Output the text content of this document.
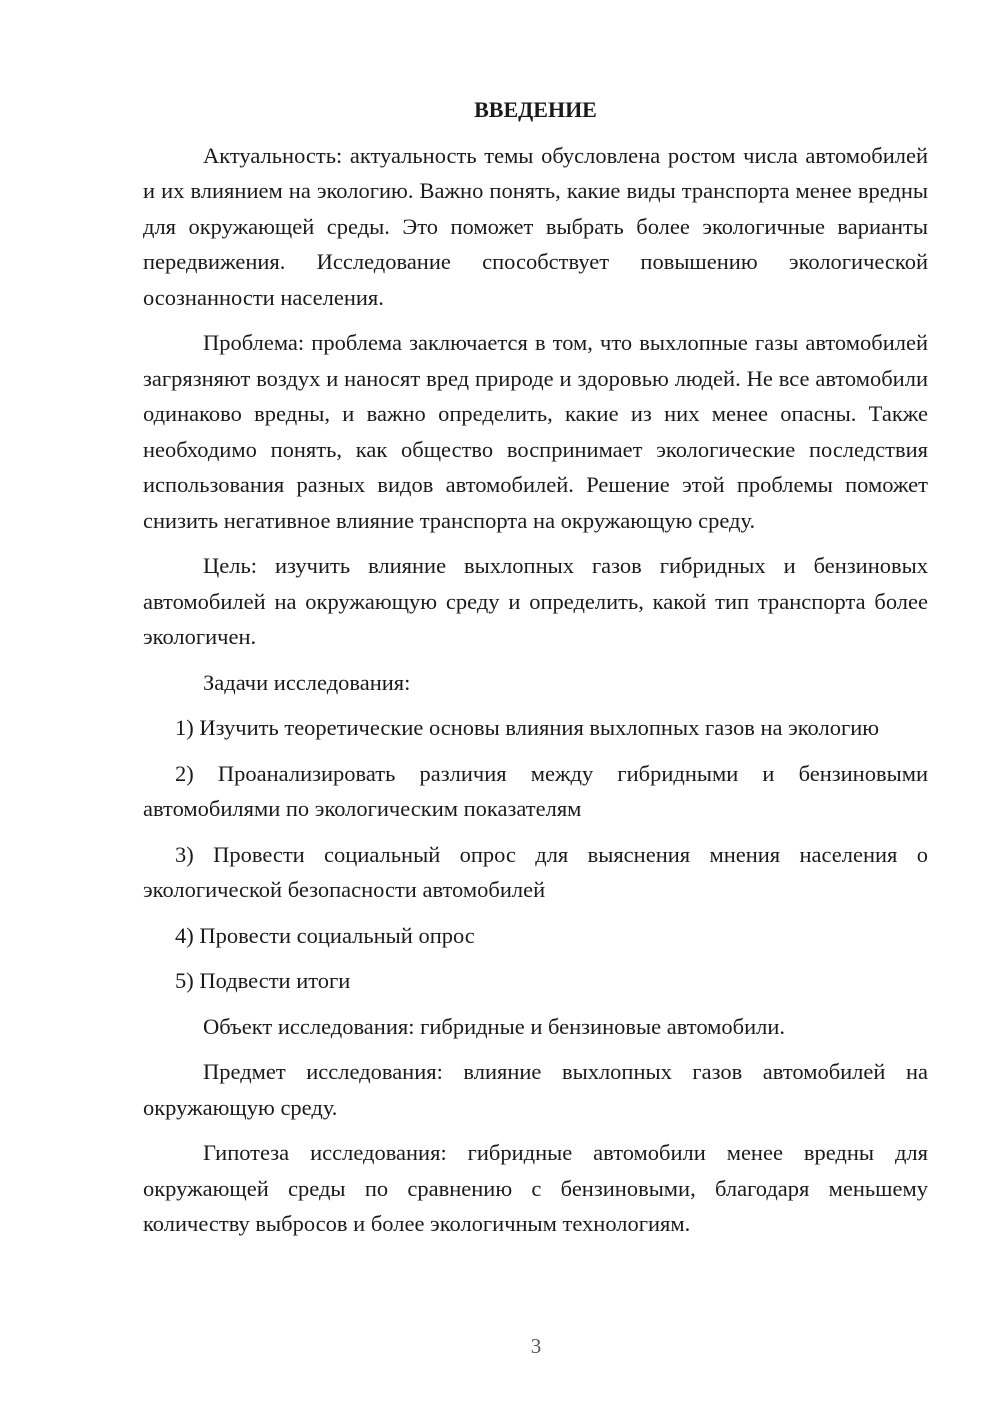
ВВЕДЕНИЕ

Актуальность: актуальность темы обусловлена ростом числа автомобилей и их влиянием на экологию. Важно понять, какие виды транспорта менее вредны для окружающей среды. Это поможет выбрать более экологичные варианты передвижения. Исследование способствует повышению экологической осознанности населения.

Проблема: проблема заключается в том, что выхлопные газы автомобилей загрязняют воздух и наносят вред природе и здоровью людей. Не все автомобили одинаково вредны, и важно определить, какие из них менее опасны. Также необходимо понять, как общество воспринимает экологические последствия использования разных видов автомобилей. Решение этой проблемы поможет снизить негативное влияние транспорта на окружающую среду.

Цель: изучить влияние выхлопных газов гибридных и бензиновых автомобилей на окружающую среду и определить, какой тип транспорта более экологичен.

Задачи исследования:

1) Изучить теоретические основы влияния выхлопных газов на экологию

2) Проанализировать различия между гибридными и бензиновыми автомобилями по экологическим показателям

3) Провести социальный опрос для выяснения мнения населения о экологической безопасности автомобилей

4) Провести социальный опрос

5) Подвести итоги

Объект исследования: гибридные и бензиновые автомобили.

Предмет исследования: влияние выхлопных газов автомобилей на окружающую среду.

Гипотеза исследования: гибридные автомобили менее вредны для окружающей среды по сравнению с бензиновыми, благодаря меньшему количеству выбросов и более экологичным технологиям.

3
